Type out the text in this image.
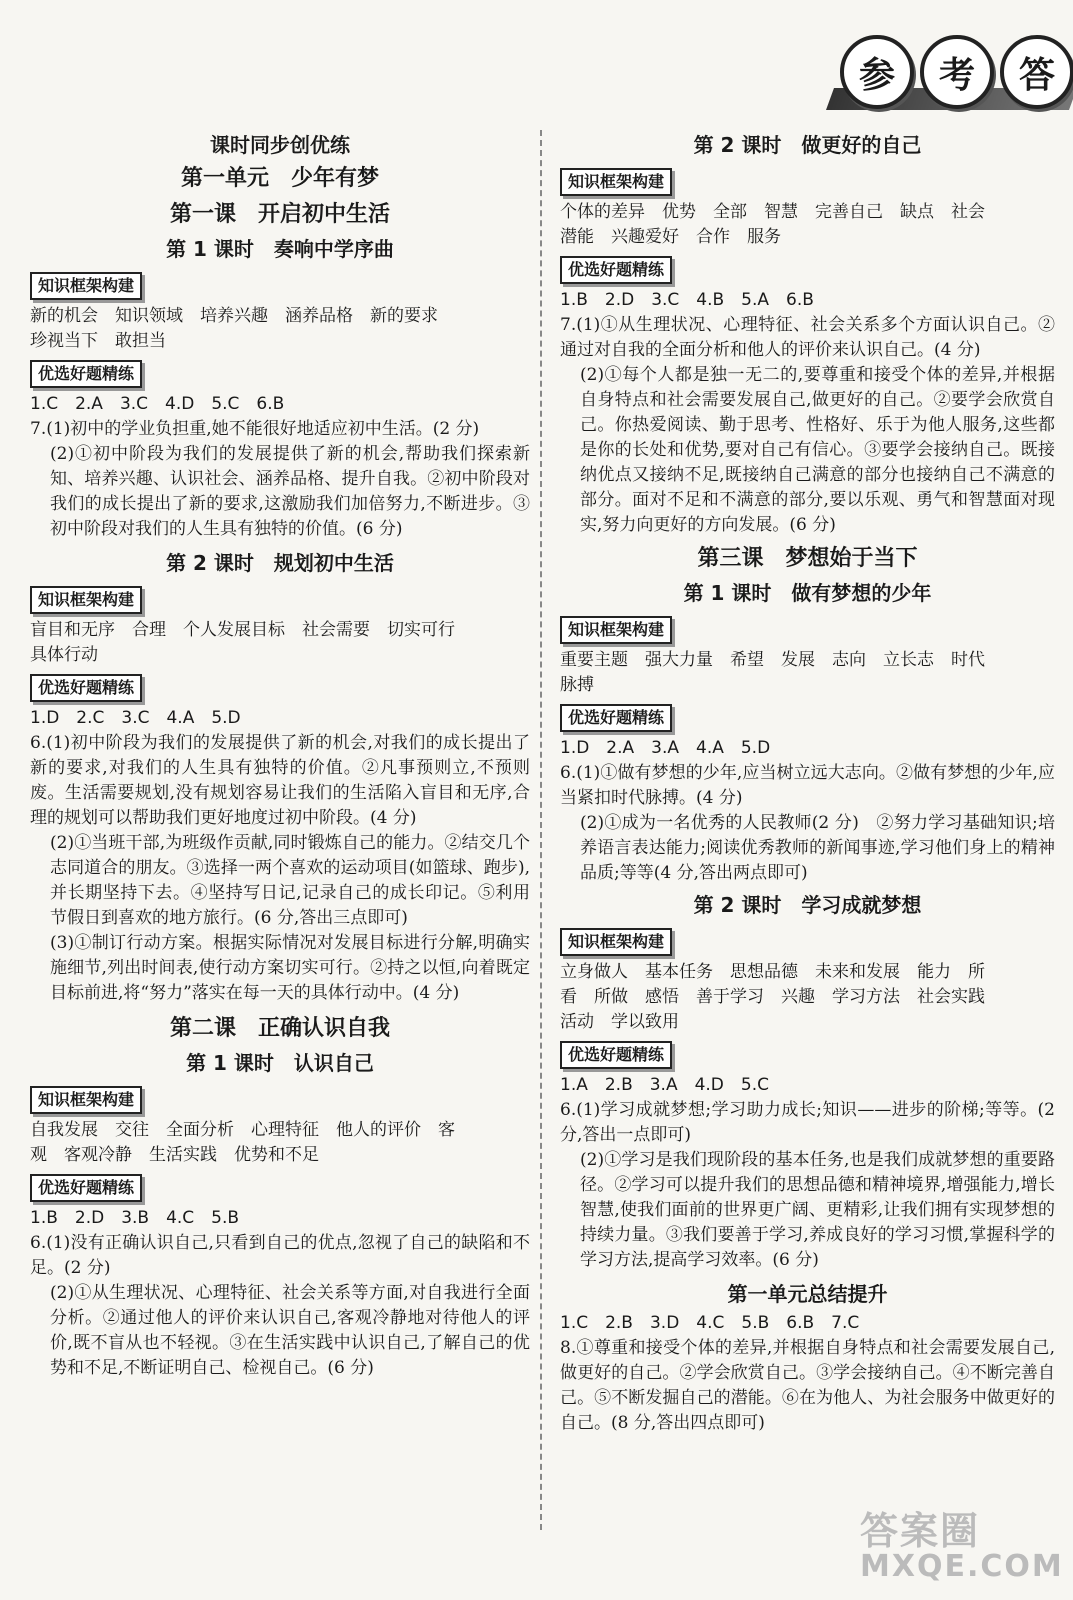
参	考	答
课时同步创优练
第一单元　少年有梦
第一课　开启初中生活
第 1 课时　奏响中学序曲
知识框架构建
新的机会　知识领域　培养兴趣　涵养品格　新的要求
珍视当下　敢担当
优选好题精练
1.C　2.A　3.C　4.D　5.C　6.B
7.(1)初中的学业负担重,她不能很好地适应初中生活。(2 分)
(2)①初中阶段为我们的发展提供了新的机会,帮助我们探索新知、培养兴趣、认识社会、涵养品格、提升自我。②初中阶段对我们的成长提出了新的要求,这激励我们加倍努力,不断进步。③初中阶段对我们的人生具有独特的价值。(6 分)
第 2 课时　规划初中生活
知识框架构建
盲目和无序　合理　个人发展目标　社会需要　切实可行
具体行动
优选好题精练
1.D　2.C　3.C　4.A　5.D
6.(1)初中阶段为我们的发展提供了新的机会,对我们的成长提出了新的要求,对我们的人生具有独特的价值。②凡事预则立,不预则废。生活需要规划,没有规划容易让我们的生活陷入盲目和无序,合理的规划可以帮助我们更好地度过初中阶段。(4 分)
(2)①当班干部,为班级作贡献,同时锻炼自己的能力。②结交几个志同道合的朋友。③选择一两个喜欢的运动项目(如篮球、跑步),并长期坚持下去。④坚持写日记,记录自己的成长印记。⑤利用节假日到喜欢的地方旅行。(6 分,答出三点即可)
(3)①制订行动方案。根据实际情况对发展目标进行分解,明确实施细节,列出时间表,使行动方案切实可行。②持之以恒,向着既定目标前进,将“努力”落实在每一天的具体行动中。(4 分)
第二课　正确认识自我
第 1 课时　认识自己
知识框架构建
自我发展　交往　全面分析　心理特征　他人的评价　客
观　客观冷静　生活实践　优势和不足
优选好题精练
1.B　2.D　3.B　4.C　5.B
6.(1)没有正确认识自己,只看到自己的优点,忽视了自己的缺陷和不足。(2 分)
(2)①从生理状况、心理特征、社会关系等方面,对自我进行全面分析。②通过他人的评价来认识自己,客观冷静地对待他人的评价,既不盲从也不轻视。③在生活实践中认识自己,了解自己的优势和不足,不断证明自己、检视自己。(6 分)
第 2 课时　做更好的自己
知识框架构建
个体的差异　优势　全部　智慧　完善自己　缺点　社会
潜能　兴趣爱好　合作　服务
优选好题精练
1.B　2.D　3.C　4.B　5.A　6.B
7.(1)①从生理状况、心理特征、社会关系多个方面认识自己。②通过对自我的全面分析和他人的评价来认识自己。(4 分)
(2)①每个人都是独一无二的,要尊重和接受个体的差异,并根据自身特点和社会需要发展自己,做更好的自己。②要学会欣赏自己。你热爱阅读、勤于思考、性格好、乐于为他人服务,这些都是你的长处和优势,要对自己有信心。③要学会接纳自己。既接纳优点又接纳不足,既接纳自己满意的部分也接纳自己不满意的部分。面对不足和不满意的部分,要以乐观、勇气和智慧面对现实,努力向更好的方向发展。(6 分)
第三课　梦想始于当下
第 1 课时　做有梦想的少年
知识框架构建
重要主题　强大力量　希望　发展　志向　立长志　时代
脉搏
优选好题精练
1.D　2.A　3.A　4.A　5.D
6.(1)①做有梦想的少年,应当树立远大志向。②做有梦想的少年,应当紧扣时代脉搏。(4 分)
(2)①成为一名优秀的人民教师(2 分)　②努力学习基础知识;培养语言表达能力;阅读优秀教师的新闻事迹,学习他们身上的精神品质;等等(4 分,答出两点即可)
第 2 课时　学习成就梦想
知识框架构建
立身做人　基本任务　思想品德　未来和发展　能力　所
看　所做　感悟　善于学习　兴趣　学习方法　社会实践
活动　学以致用
优选好题精练
1.A　2.B　3.A　4.D　5.C
6.(1)学习成就梦想;学习助力成长;知识——进步的阶梯;等等。(2 分,答出一点即可)
(2)①学习是我们现阶段的基本任务,也是我们成就梦想的重要路径。②学习可以提升我们的思想品德和精神境界,增强能力,增长智慧,使我们面前的世界更广阔、更精彩,让我们拥有实现梦想的持续力量。③我们要善于学习,养成良好的学习习惯,掌握科学的学习方法,提高学习效率。(6 分)
第一单元总结提升
1.C　2.B　3.D　4.C　5.B　6.B　7.C
8.①尊重和接受个体的差异,并根据自身特点和社会需要发展自己,做更好的自己。②学会欣赏自己。③学会接纳自己。④不断完善自己。⑤不断发掘自己的潜能。⑥在为他人、为社会服务中做更好的自己。(8 分,答出四点即可)
答案圈
MXQE.COM
